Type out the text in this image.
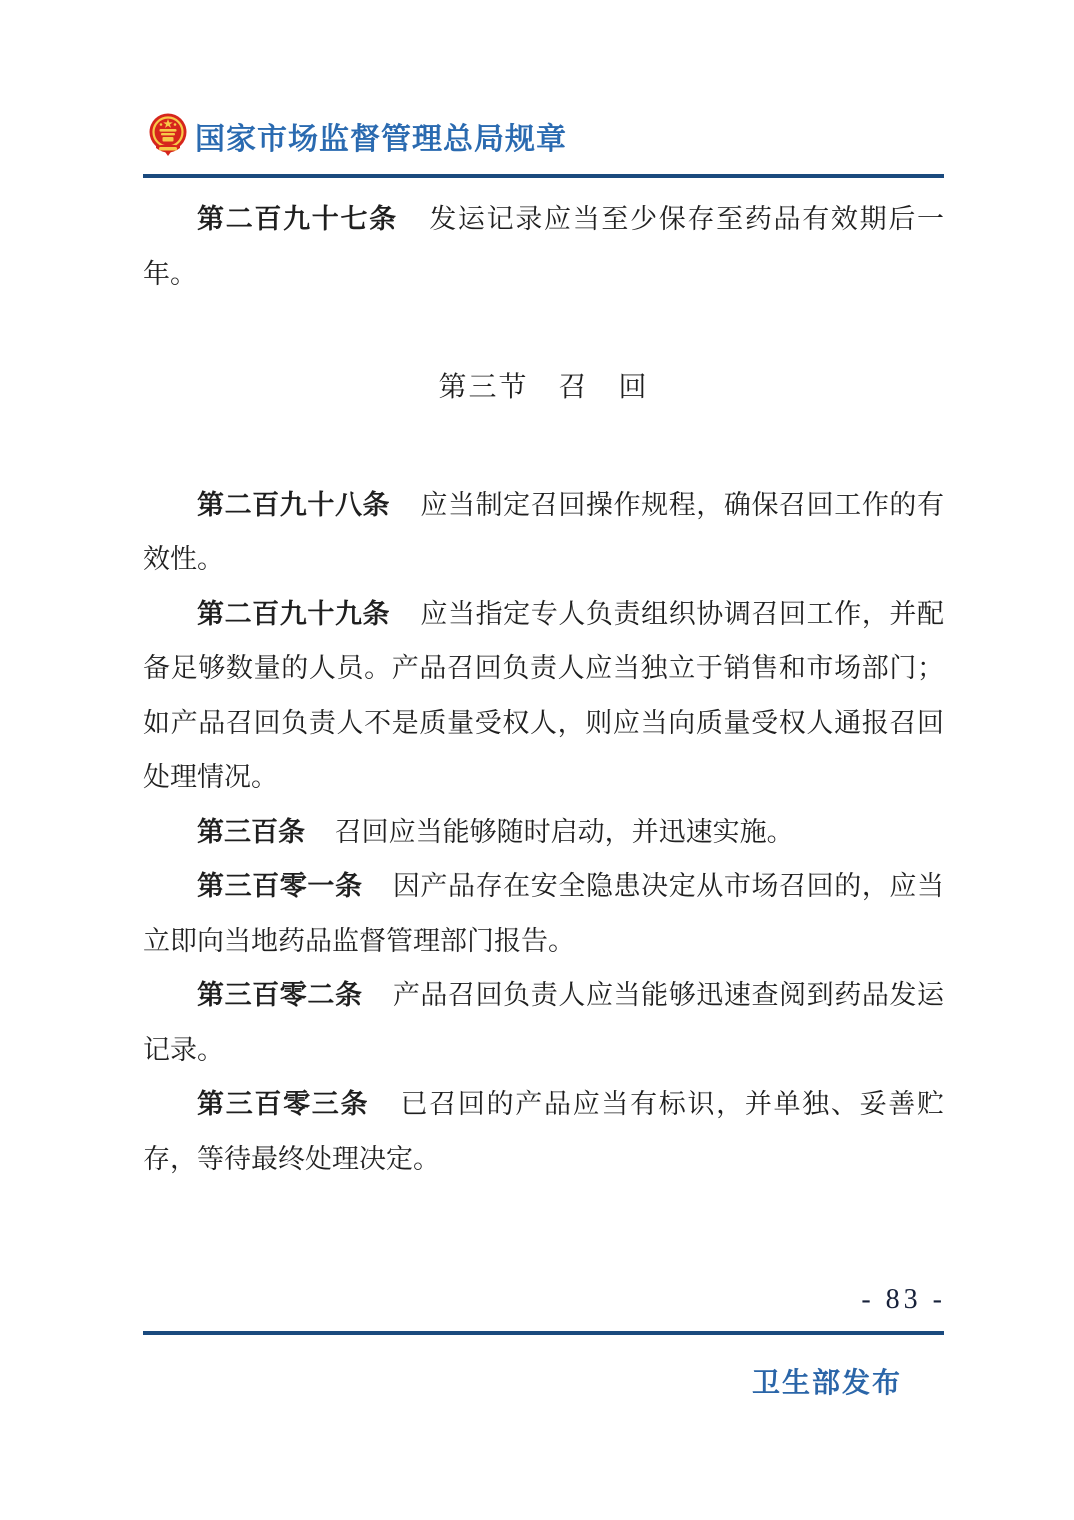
国家市场监督管理总局规章

第二百九十七条 发运记录应当至少保存至药品有效期后一年。

第三节　召　回

第二百九十八条 应当制定召回操作规程，确保召回工作的有效性。

第二百九十九条 应当指定专人负责组织协调召回工作，并配备足够数量的人员。产品召回负责人应当独立于销售和市场部门；如产品召回负责人不是质量受权人，则应当向质量受权人通报召回处理情况。

第三百条 召回应当能够随时启动，并迅速实施。

第三百零一条 因产品存在安全隐患决定从市场召回的，应当立即向当地药品监督管理部门报告。

第三百零二条 产品召回负责人应当能够迅速查阅到药品发运记录。

第三百零三条 已召回的产品应当有标识，并单独、妥善贮存，等待最终处理决定。

- 83 -
卫生部发布
